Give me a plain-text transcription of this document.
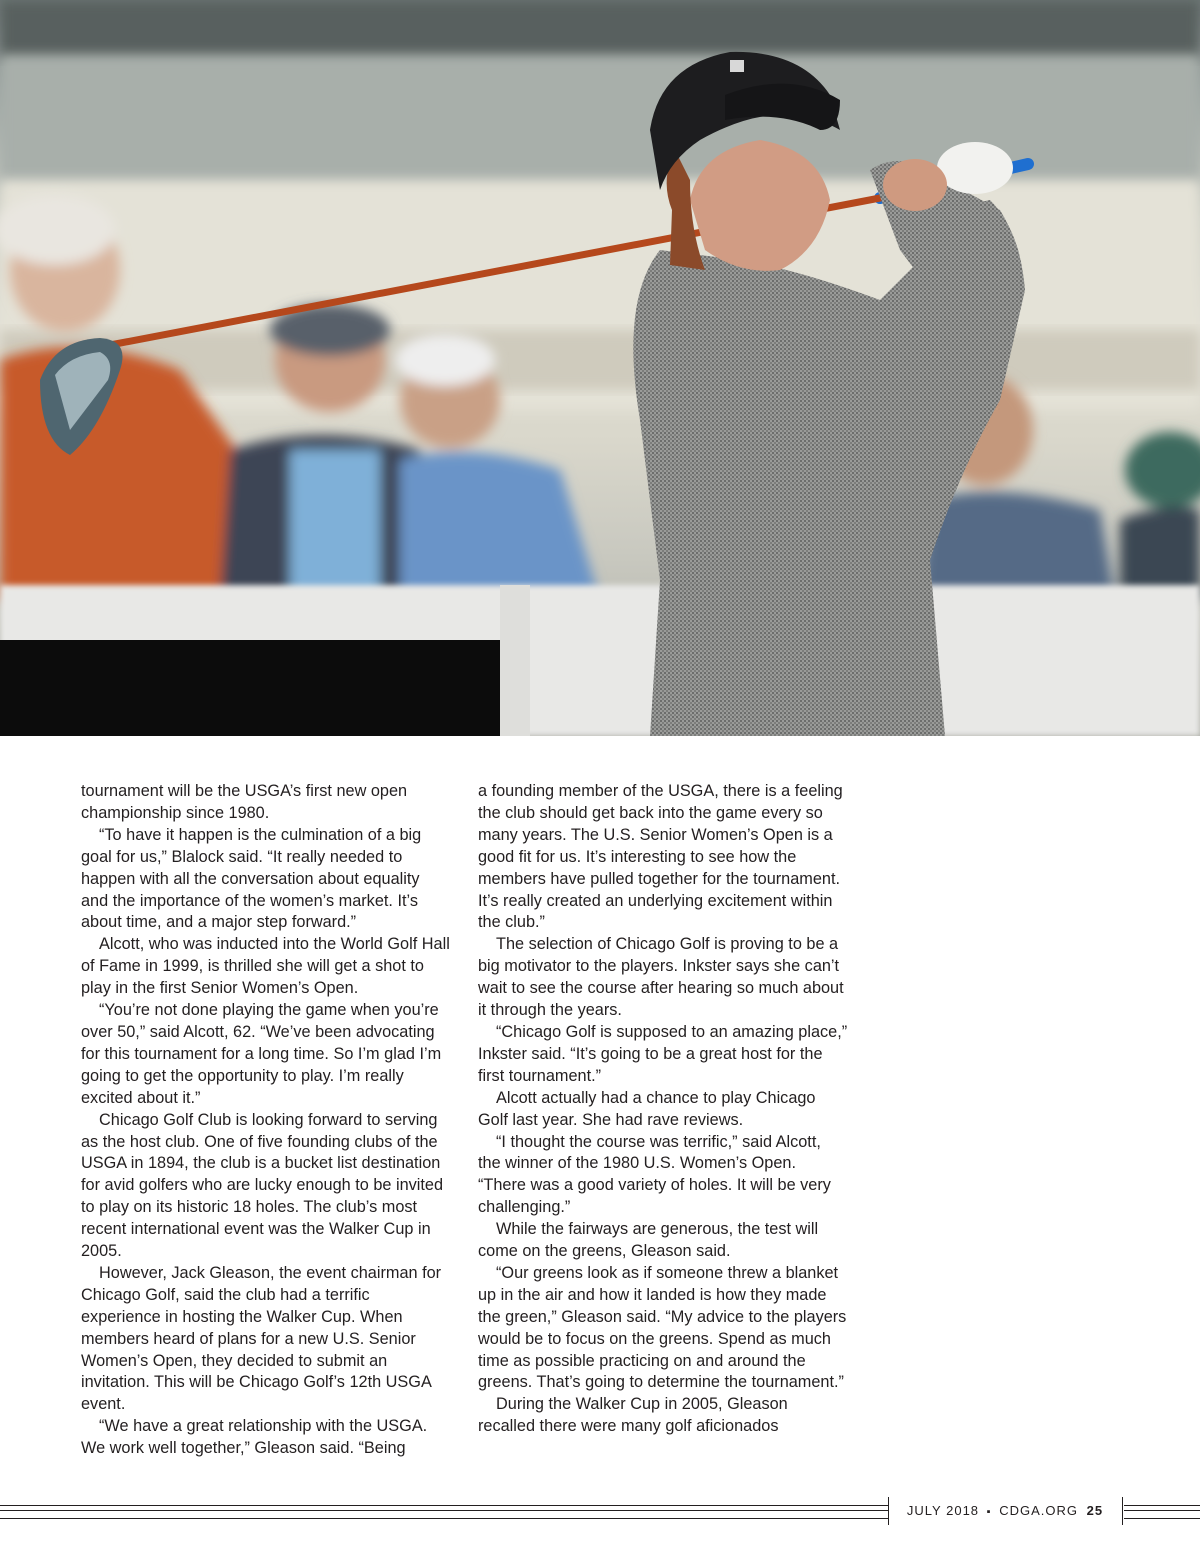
tournament will be the USGA’s first new open championship since 1980.

“To have it happen is the culmination of a big goal for us,” Blalock said. “It really needed to happen with all the conversation about equality and the importance of the women’s market. It’s about time, and a major step forward.”

Alcott, who was inducted into the World Golf Hall of Fame in 1999, is thrilled she will get a shot to play in the first Senior Women’s Open.

“You’re not done playing the game when you’re over 50,” said Alcott, 62. “We’ve been advocating for this tournament for a long time. So I’m glad I’m going to get the opportunity to play. I’m really excited about it.”

Chicago Golf Club is looking forward to serving as the host club. One of five founding clubs of the USGA in 1894, the club is a bucket list destination for avid golfers who are lucky enough to be invited to play on its historic 18 holes. The club’s most recent international event was the Walker Cup in 2005.

However, Jack Gleason, the event chairman for Chicago Golf, said the club had a terrific experience in hosting the Walker Cup. When members heard of plans for a new U.S. Senior Women’s Open, they decided to submit an invitation. This will be Chicago Golf’s 12th USGA event.

“We have a great relationship with the USGA. We work well together,” Gleason said. “Being

a founding member of the USGA, there is a feeling the club should get back into the game every so many years. The U.S. Senior Women’s Open is a good fit for us. It’s interesting to see how the members have pulled together for the tournament. It’s really created an underlying excitement within the club.”

The selection of Chicago Golf is proving to be a big motivator to the players. Inkster says she can’t wait to see the course after hearing so much about it through the years.

“Chicago Golf is supposed to an amazing place,” Inkster said. “It’s going to be a great host for the first tournament.”

Alcott actually had a chance to play Chicago Golf last year. She had rave reviews.

“I thought the course was terrific,” said Alcott, the winner of the 1980 U.S. Women’s Open. “There was a good variety of holes. It will be very challenging.”

While the fairways are generous, the test will come on the greens, Gleason said.

“Our greens look as if someone threw a blanket up in the air and how it landed is how they made the green,” Gleason said. “My advice to the players would be to focus on the greens. Spend as much time as possible practicing on and around the greens. That’s going to determine the tournament.”

During the Walker Cup in 2005, Gleason recalled there were many golf aficionados

JULY 2018 ▪ CDGA.ORG 25
